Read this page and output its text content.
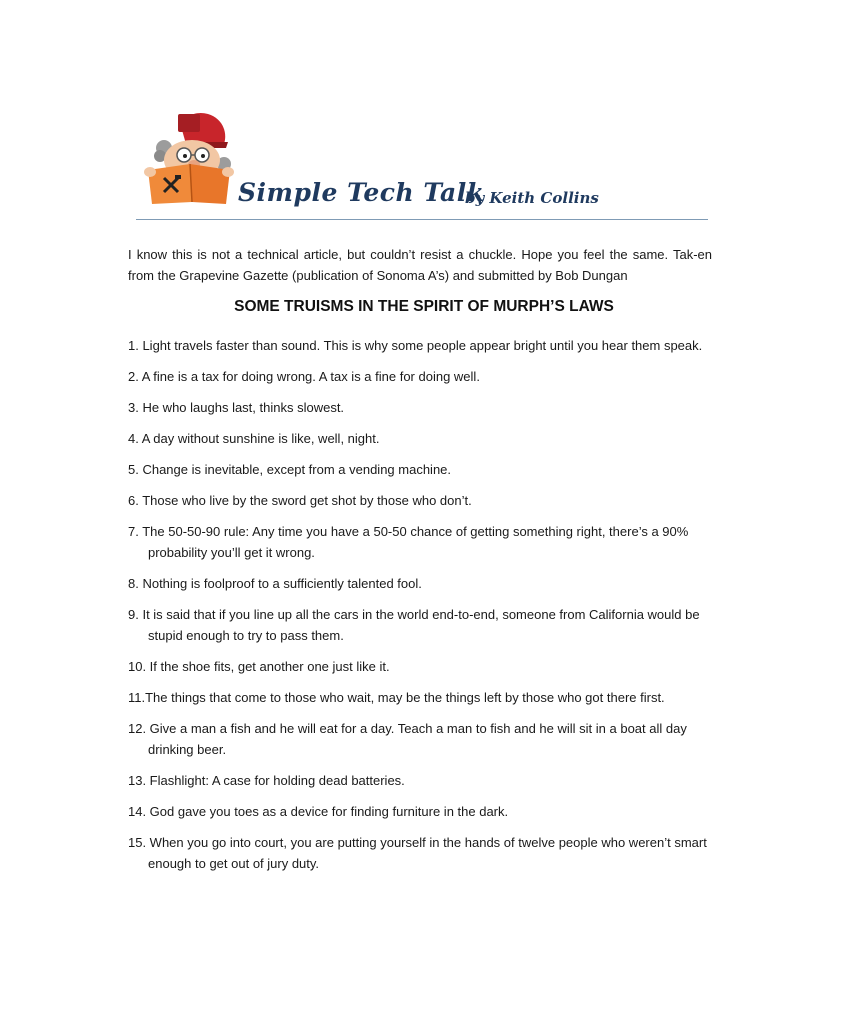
Simple Tech Talk
by Keith Collins

I know this is not a technical article, but couldn’t resist a chuckle. Hope you feel the same. Tak-en from the Grapevine Gazette (publication of Sonoma A’s) and submitted by Bob Dungan

SOME TRUISMS IN THE SPIRIT OF MURPH’S LAWS
1. Light travels faster than sound. This is why some people appear bright until you hear them speak.
2. A fine is a tax for doing wrong. A tax is a fine for doing well.
3. He who laughs last, thinks slowest.
4. A day without sunshine is like, well, night.
5. Change is inevitable, except from a vending machine.
6. Those who live by the sword get shot by those who don’t.
7. The 50-50-90 rule: Any time you have a 50-50 chance of getting something right, there’s a 90% probability you’ll get it wrong.
8. Nothing is foolproof to a sufficiently talented fool.
9. It is said that if you line up all the cars in the world end-to-end, someone from California would be stupid enough to try to pass them.
10. If the shoe fits, get another one just like it.
11.The things that come to those who wait, may be the things left by those who got there first.
12. Give a man a fish and he will eat for a day. Teach a man to fish and he will sit in a boat all day drinking beer.
13. Flashlight: A case for holding dead batteries.
14. God gave you toes as a device for finding furniture in the dark.
15. When you go into court, you are putting yourself in the hands of twelve people who weren’t smart enough to get out of jury duty.
